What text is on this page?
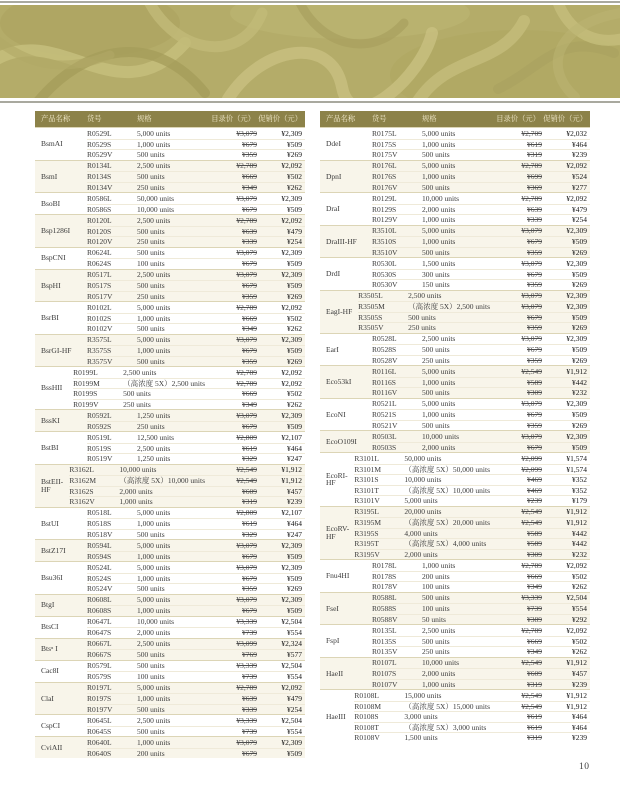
产品名称	货号	规格	目录价（元） 促销价（元）
BsmAI
R0529L	5,000 units	¥3,079	¥2,309
R0529S	1,000 units	¥679	¥509
R0529V	500 units	¥359	¥269
BsmI
R0134L	2,500 units	¥2,789	¥2,092
R0134S	500 units	¥669	¥502
R0134V	250 units	¥349	¥262
BsoBI
R0586L	50,000 units	¥3,079	¥2,309
R0586S	10,000 units	¥679	¥509
Bsp1286I
R0120L	2,500 units	¥2,789	¥2,092
R0120S	500 units	¥639	¥479
R0120V	250 units	¥339	¥254
BspCNI
R0624L	500 units	¥3,079	¥2,309
R0624S	100 units	¥679	¥509
BspHI
R0517L	2,500 units	¥3,079	¥2,309
R0517S	500 units	¥679	¥509
R0517V	250 units	¥359	¥269
BsrBI
R0102L	5,000 units	¥2,789	¥2,092
R0102S	1,000 units	¥669	¥502
R0102V	500 units	¥349	¥262
BsrGI-HF
R3575L	5,000 units	¥3,079	¥2,309
R3575S	1,000 units	¥679	¥509
R3575V	500 units	¥359	¥269
BssHII
R0199L	2,500 units	¥2,789	¥2,092
R0199M	（高浓度 5X）2,500 units	¥2,789	¥2,092
R0199S	500 units	¥669	¥502
R0199V	250 units	¥349	¥262
BssKI
R0592L	1,250 units	¥3,079	¥2,309
R0592S	250 units	¥679	¥509
BstBI
R0519L	12,500 units	¥2,809	¥2,107
R0519S	2,500 units	¥619	¥464
R0519V	1,250 units	¥329	¥247
BstEII-HF
R3162L	10,000 units	¥2,549	¥1,912
R3162M	（高浓度 5X）10,000 units	¥2,549	¥1,912
R3162S	2,000 units	¥609	¥457
R3162V	1,000 units	¥319	¥239
BstUI
R0518L	5,000 units	¥2,809	¥2,107
R0518S	1,000 units	¥619	¥464
R0518V	500 units	¥329	¥247
BstZ17I
R0594L	5,000 units	¥3,079	¥2,309
R0594S	1,000 units	¥679	¥509
Bsu36I
R0524L	5,000 units	¥3,079	¥2,309
R0524S	1,000 units	¥679	¥509
R0524V	500 units	¥359	¥269
BtgI
R0608L	5,000 units	¥3,079	¥2,309
R0608S	1,000 units	¥679	¥509
BtsCI
R0647L	10,000 units	¥3,339	¥2,504
R0647S	2,000 units	¥739	¥554
Btsᵅ I
R0667L	2,500 units	¥3,099	¥2,324
R0667S	500 units	¥769	¥577
Cac8I
R0579L	500 units	¥3,339	¥2,504
R0579S	100 units	¥739	¥554
ClaI
R0197L	5,000 units	¥2,789	¥2,092
R0197S	1,000 units	¥639	¥479
R0197V	500 units	¥339	¥254
CspCI
R0645L	2,500 units	¥3,339	¥2,504
R0645S	500 units	¥739	¥554
CviAII
R0640L	1,000 units	¥3,079	¥2,309
R0640S	200 units	¥679	¥509
产品名称	货号	规格	目录价（元） 促销价（元）
DdeI
R0175L	5,000 units	¥2,709	¥2,032
R0175S	1,000 units	¥619	¥464
R0175V	500 units	¥319	¥239
DpnI
R0176L	5,000 units	¥2,789	¥2,092
R0176S	1,000 units	¥699	¥524
R0176V	500 units	¥369	¥277
DraI
R0129L	10,000 units	¥2,789	¥2,092
R0129S	2,000 units	¥639	¥479
R0129V	1,000 units	¥339	¥254
DraIII-HF
R3510L	5,000 units	¥3,079	¥2,309
R3510S	1,000 units	¥679	¥509
R3510V	500 units	¥359	¥269
DrdI
R0530L	1,500 units	¥3,079	¥2,309
R0530S	300 units	¥679	¥509
R0530V	150 units	¥359	¥269
EagI-HF
R3505L	2,500 units	¥3,079	¥2,309
R3505M	（高浓度 5X）2,500 units	¥3,079	¥2,309
R3505S	500 units	¥679	¥509
R3505V	250 units	¥359	¥269
EarI
R0528L	2,500 units	¥3,079	¥2,309
R0528S	500 units	¥679	¥509
R0528V	250 units	¥359	¥269
Eco53kI
R0116L	5,000 units	¥2,549	¥1,912
R0116S	1,000 units	¥589	¥442
R0116V	500 units	¥309	¥232
EcoNI
R0521L	5,000 units	¥3,079	¥2,309
R0521S	1,000 units	¥679	¥509
R0521V	500 units	¥359	¥269
EcoO109I
R0503L	10,000 units	¥3,079	¥2,309
R0503S	2,000 units	¥679	¥509
EcoRI-HF
R3101L	50,000 units	¥2,099	¥1,574
R3101M	（高浓度 5X）50,000 units	¥2,099	¥1,574
R3101S	10,000 units	¥469	¥352
R3101T	（高浓度 5X）10,000 units	¥469	¥352
R3101V	5,000 units	¥239	¥179
EcoRV-HF
R3195L	20,000 units	¥2,549	¥1,912
R3195M	（高浓度 5X）20,000 units	¥2,549	¥1,912
R3195S	4,000 units	¥589	¥442
R3195T	（高浓度 5X）4,000 units	¥589	¥442
R3195V	2,000 units	¥309	¥232
Fnu4HI
R0178L	1,000 units	¥2,789	¥2,092
R0178S	200 units	¥669	¥502
R0178V	100 units	¥349	¥262
FseI
R0588L	500 units	¥3,339	¥2,504
R0588S	100 units	¥739	¥554
R0588V	50 units	¥389	¥292
FspI
R0135L	2,500 units	¥2,789	¥2,092
R0135S	500 units	¥669	¥502
R0135V	250 units	¥349	¥262
HaeII
R0107L	10,000 units	¥2,549	¥1,912
R0107S	2,000 units	¥609	¥457
R0107V	1,000 units	¥319	¥239
HaeIII
R0108L	15,000 units	¥2,549	¥1,912
R0108M	（高浓度 5X）15,000 units	¥2,549	¥1,912
R0108S	3,000 units	¥619	¥464
R0108T	（高浓度 5X）3,000 units	¥619	¥464
R0108V	1,500 units	¥319	¥239
10
